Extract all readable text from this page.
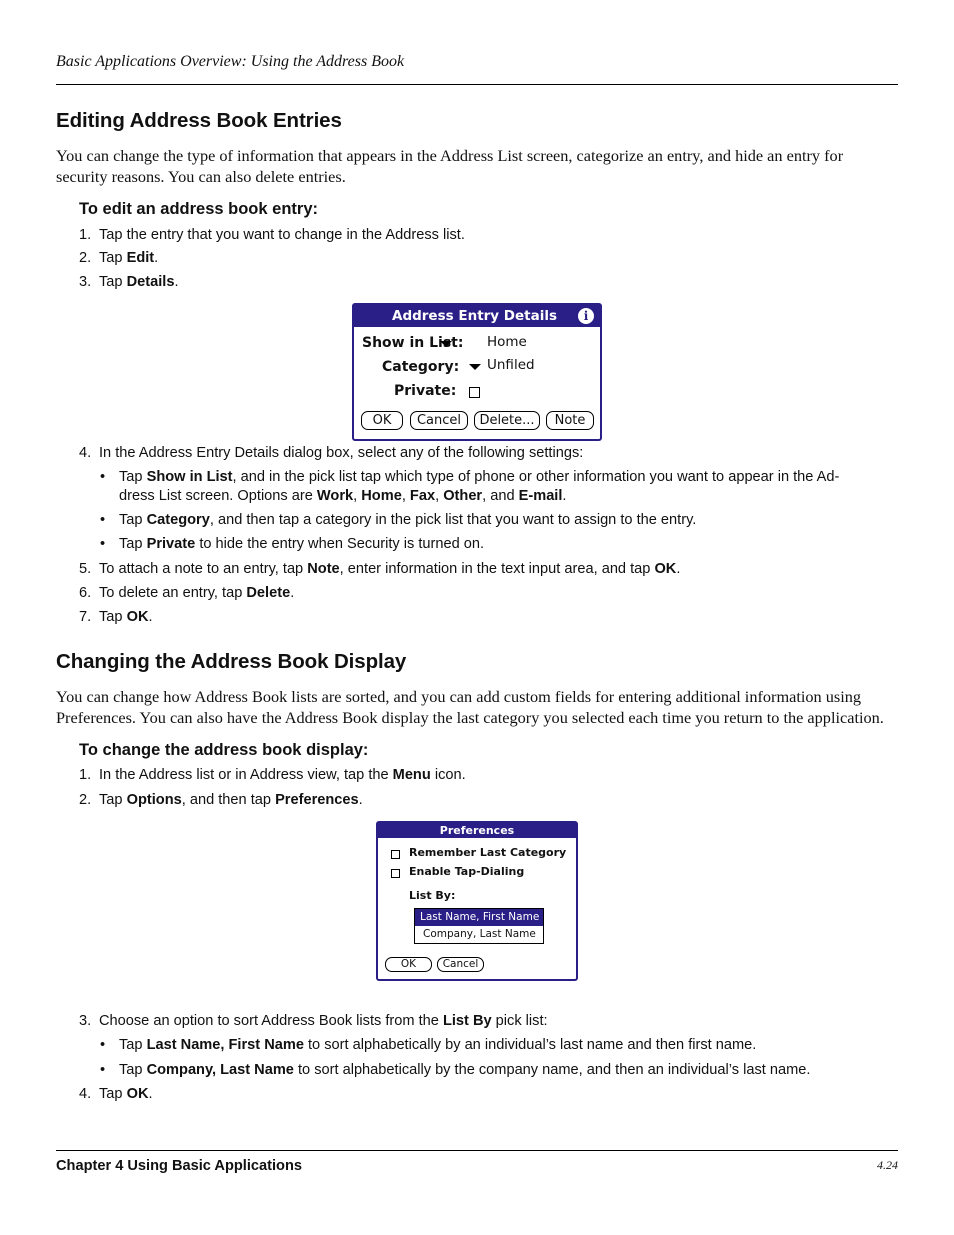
Basic Applications Overview: Using the Address Book
Editing Address Book Entries
You can change the type of information that appears in the Address List screen, categorize an entry, and hide an entry for
security reasons. You can also delete entries.
To edit an address book entry:
1. Tap the entry that you want to change in the Address list.
2. Tap Edit.
3. Tap Details.
Address Entry Details	i
Show in List: Home
Category: Unfiled
Private:
OK	Cancel	Delete...	Note
4. In the Address Entry Details dialog box, select any of the following settings:
• Tap Show in List, and in the pick list tap which type of phone or other information you want to appear in the Ad-
dress List screen. Options are Work, Home, Fax, Other, and E-mail.
• Tap Category, and then tap a category in the pick list that you want to assign to the entry.
• Tap Private to hide the entry when Security is turned on.
5. To attach a note to an entry, tap Note, enter information in the text input area, and tap OK.
6. To delete an entry, tap Delete.
7. Tap OK.
Changing the Address Book Display
You can change how Address Book lists are sorted, and you can add custom fields for entering additional information using
Preferences. You can also have the Address Book display the last category you selected each time you return to the application.
To change the address book display:
1. In the Address list or in Address view, tap the Menu icon.
2. Tap Options, and then tap Preferences.
Preferences
Remember Last Category
Enable Tap-Dialing
List By:
Last Name, First Name
Company, Last Name
OK	Cancel
3. Choose an option to sort Address Book lists from the List By pick list:
• Tap Last Name, First Name to sort alphabetically by an individual’s last name and then first name.
• Tap Company, Last Name to sort alphabetically by the company name, and then an individual’s last name.
4. Tap OK.
Chapter 4 Using Basic Applications	4.24
